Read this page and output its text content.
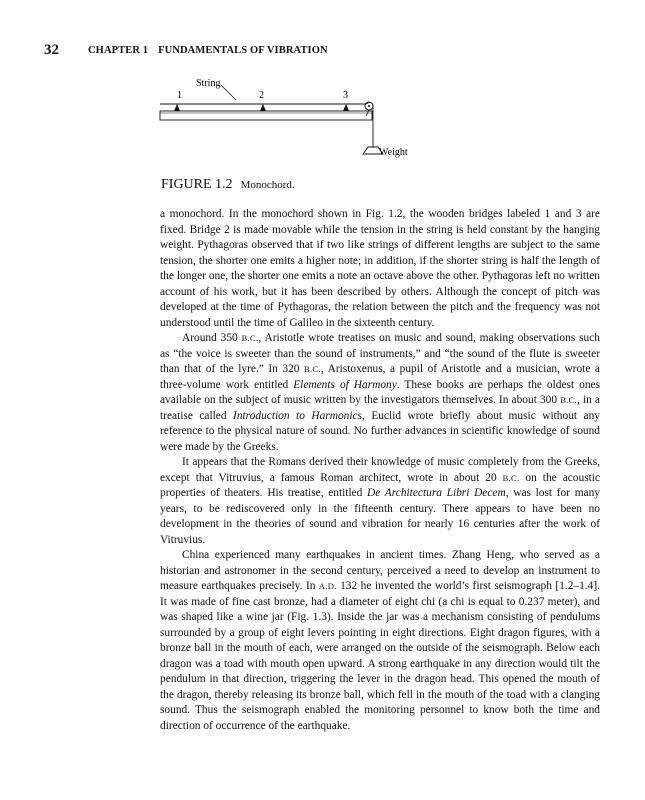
32	CHAPTER 1 FUNDAMENTALS OF VIBRATION
String
1	2	3
Weight
FIGURE 1.2 Monochord.

a monochord. In the monochord shown in Fig. 1.2, the wooden bridges labeled 1 and 3 are fixed. Bridge 2 is made movable while the tension in the string is held constant by the hanging weight. Pythagoras observed that if two like strings of different lengths are subject to the same tension, the shorter one emits a higher note; in addition, if the shorter string is half the length of the longer one, the shorter one emits a note an octave above the other. Pythagoras left no written account of his work, but it has been described by others. Although the concept of pitch was developed at the time of Pythagoras, the relation between the pitch and the frequency was not understood until the time of Galileo in the sixteenth century.

Around 350 B.C., Aristotle wrote treatises on music and sound, making observations such as “the voice is sweeter than the sound of instruments,” and “the sound of the flute is sweeter than that of the lyre.” In 320 B.C., Aristoxenus, a pupil of Aristotle and a musician, wrote a three-volume work entitled Elements of Harmony. These books are perhaps the oldest ones available on the subject of music written by the investigators themselves. In about 300 B.C., in a treatise called Introduction to Harmonics, Euclid wrote briefly about music without any reference to the physical nature of sound. No further advances in scientific knowledge of sound were made by the Greeks.

It appears that the Romans derived their knowledge of music completely from the Greeks, except that Vitruvius, a famous Roman architect, wrote in about 20 B.C. on the acoustic properties of theaters. His treatise, entitled De Architectura Libri Decem, was lost for many years, to be rediscovered only in the fifteenth century. There appears to have been no development in the theories of sound and vibration for nearly 16 centuries after the work of Vitruvius.

China experienced many earthquakes in ancient times. Zhang Heng, who served as a historian and astronomer in the second century, perceived a need to develop an instrument to measure earthquakes precisely. In A.D. 132 he invented the world’s first seismograph [1.2–1.4]. It was made of fine cast bronze, had a diameter of eight chi (a chi is equal to 0.237 meter), and was shaped like a wine jar (Fig. 1.3). Inside the jar was a mechanism consisting of pendulums surrounded by a group of eight levers pointing in eight directions. Eight dragon figures, with a bronze ball in the mouth of each, were arranged on the outside of the seismograph. Below each dragon was a toad with mouth open upward. A strong earthquake in any direction would tilt the pendulum in that direction, triggering the lever in the dragon head. This opened the mouth of the dragon, thereby releasing its bronze ball, which fell in the mouth of the toad with a clanging sound. Thus the seismograph enabled the monitoring personnel to know both the time and direction of occurrence of the earthquake.
